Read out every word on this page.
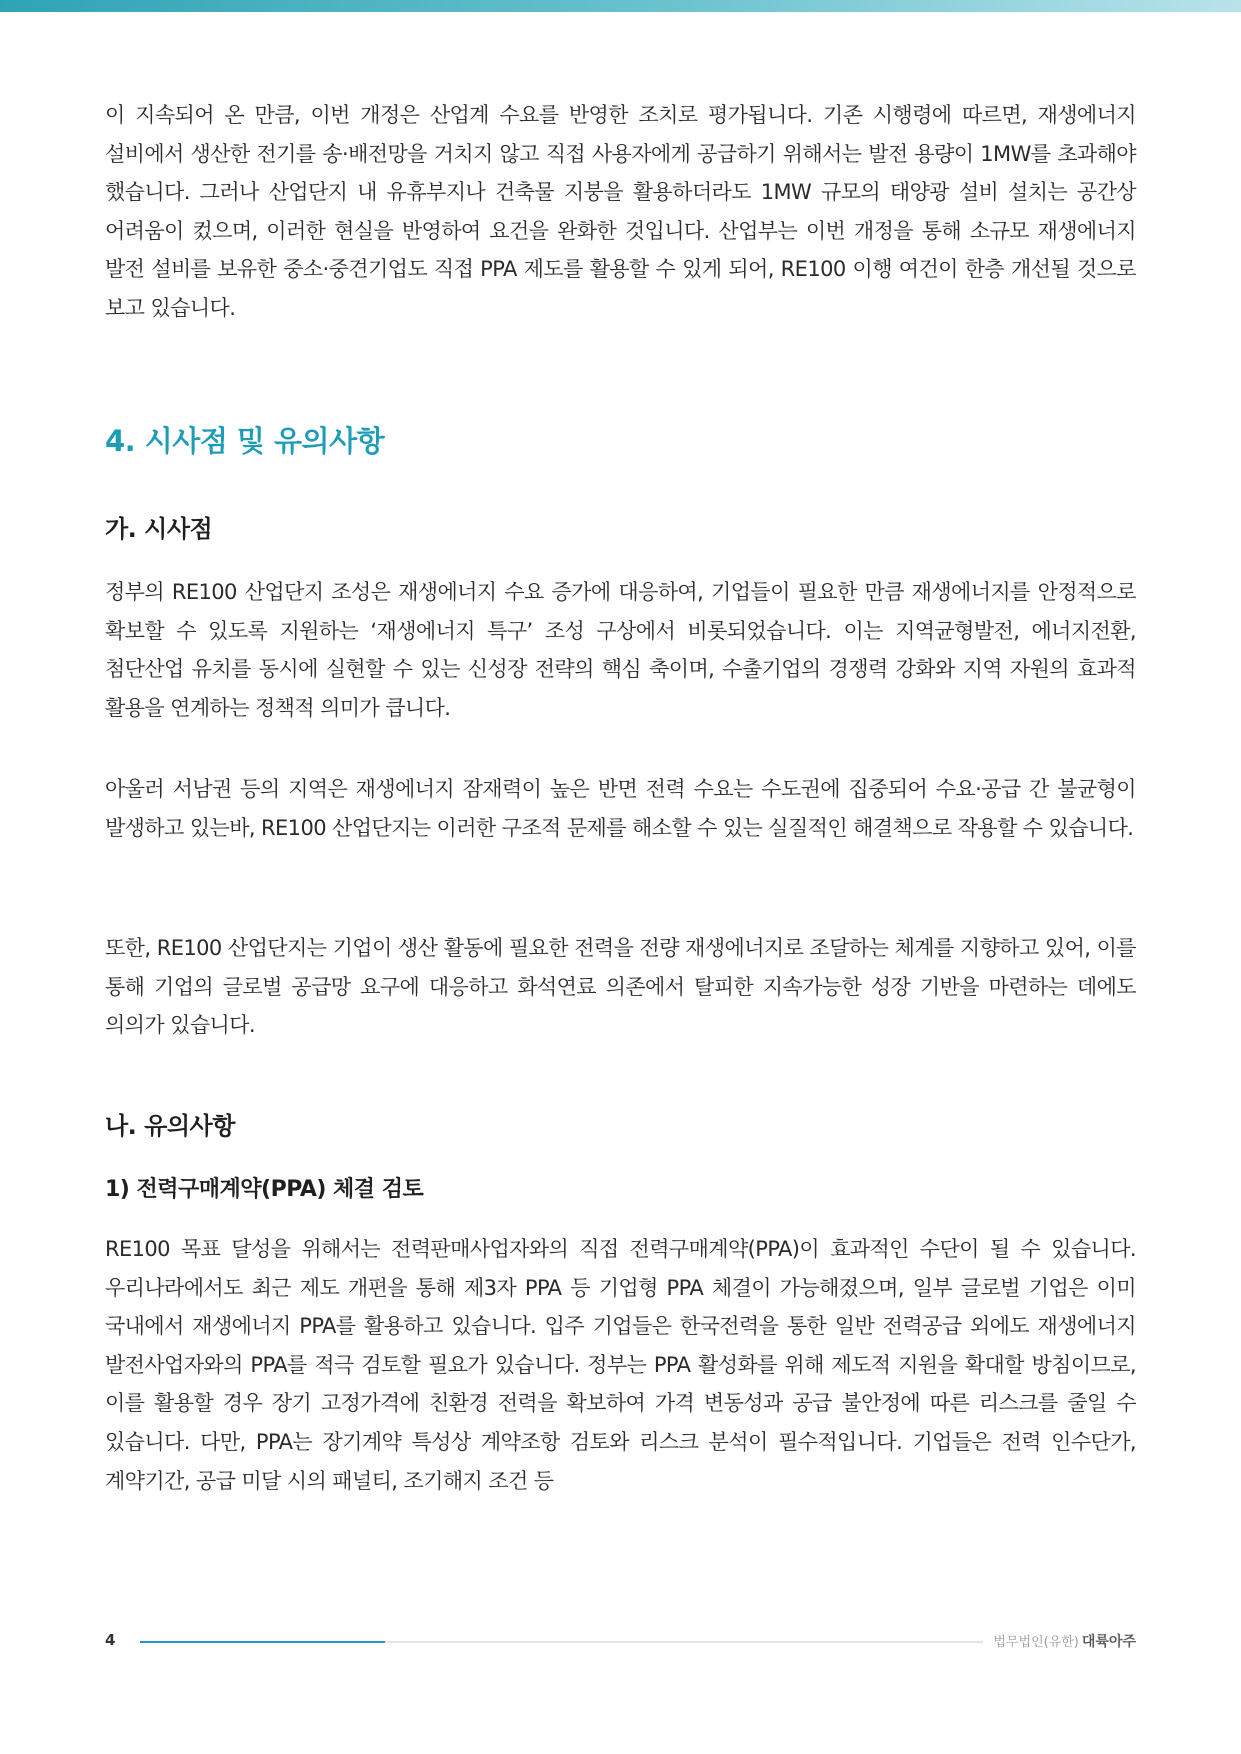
이 지속되어 온 만큼, 이번 개정은 산업계 수요를 반영한 조치로 평가됩니다. 기존 시행령에 따르면, 재생에너지 설비에서 생산한 전기를 송·배전망을 거치지 않고 직접 사용자에게 공급하기 위해서는 발전 용량이 1MW를 초과해야 했습니다. 그러나 산업단지 내 유휴부지나 건축물 지붕을 활용하더라도 1MW 규모의 태양광 설비 설치는 공간상 어려움이 컸으며, 이러한 현실을 반영하여 요건을 완화한 것입니다. 산업부는 이번 개정을 통해 소규모 재생에너지 발전 설비를 보유한 중소·중견기업도 직접 PPA 제도를 활용할 수 있게 되어, RE100 이행 여건이 한층 개선될 것으로 보고 있습니다.

4. 시사점 및 유의사항
가. 시사점

정부의 RE100 산업단지 조성은 재생에너지 수요 증가에 대응하여, 기업들이 필요한 만큼 재생에너지를 안정적으로 확보할 수 있도록 지원하는 ‘재생에너지 특구’ 조성 구상에서 비롯되었습니다. 이는 지역균형발전, 에너지전환, 첨단산업 유치를 동시에 실현할 수 있는 신성장 전략의 핵심 축이며, 수출기업의 경쟁력 강화와 지역 자원의 효과적 활용을 연계하는 정책적 의미가 큽니다.

아울러 서남권 등의 지역은 재생에너지 잠재력이 높은 반면 전력 수요는 수도권에 집중되어 수요·공급 간 불균형이 발생하고 있는바, RE100 산업단지는 이러한 구조적 문제를 해소할 수 있는 실질적인 해결책으로 작용할 수 있습니다.

또한, RE100 산업단지는 기업이 생산 활동에 필요한 전력을 전량 재생에너지로 조달하는 체계를 지향하고 있어, 이를 통해 기업의 글로벌 공급망 요구에 대응하고 화석연료 의존에서 탈피한 지속가능한 성장 기반을 마련하는 데에도 의의가 있습니다.

나. 유의사항
1) 전력구매계약(PPA) 체결 검토

RE100 목표 달성을 위해서는 전력판매사업자와의 직접 전력구매계약(PPA)이 효과적인 수단이 될 수 있습니다. 우리나라에서도 최근 제도 개편을 통해 제3자 PPA 등 기업형 PPA 체결이 가능해졌으며, 일부 글로벌 기업은 이미 국내에서 재생에너지 PPA를 활용하고 있습니다. 입주 기업들은 한국전력을 통한 일반 전력공급 외에도 재생에너지 발전사업자와의 PPA를 적극 검토할 필요가 있습니다. 정부는 PPA 활성화를 위해 제도적 지원을 확대할 방침이므로, 이를 활용할 경우 장기 고정가격에 친환경 전력을 확보하여 가격 변동성과 공급 불안정에 따른 리스크를 줄일 수 있습니다. 다만, PPA는 장기계약 특성상 계약조항 검토와 리스크 분석이 필수적입니다. 기업들은 전력 인수단가, 계약기간, 공급 미달 시의 패널티, 조기해지 조건 등

4	법무법인(유한) 대륙아주
